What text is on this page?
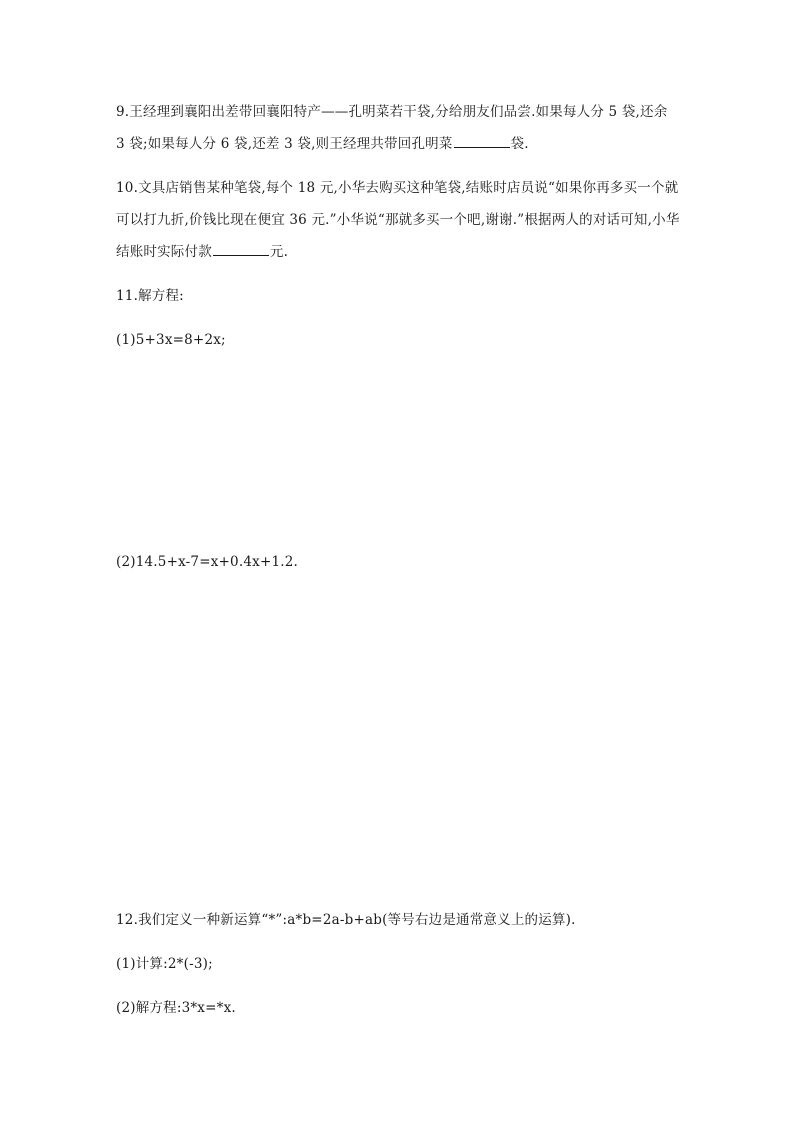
9.王经理到襄阳出差带回襄阳特产——孔明菜若干袋,分给朋友们品尝.如果每人分 5 袋,还余
3 袋;如果每人分 6 袋,还差 3 袋,则王经理共带回孔明菜	袋.
10.文具店销售某种笔袋,每个 18 元,小华去购买这种笔袋,结账时店员说“如果你再多买一个就
可以打九折,价钱比现在便宜 36 元.”小华说“那就多买一个吧,谢谢.”根据两人的对话可知,小华
结账时实际付款	元.
11.解方程:
(1)5+3x=8+2x;
(2)14.5+x-7=x+0.4x+1.2.
12.我们定义一种新运算“*”:a*b=2a-b+ab(等号右边是通常意义上的运算).
(1)计算:2*(-3);
(2)解方程:3*x=*x.
